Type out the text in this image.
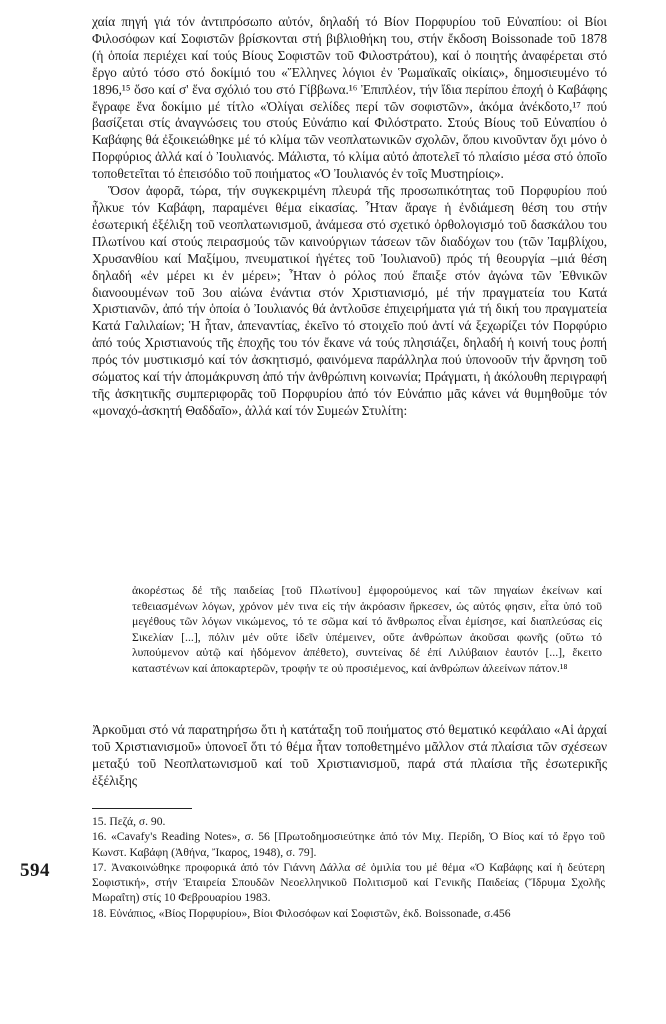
χαία πηγή γιά τόν ἀντιπρόσωπο αὐτόν, δηλαδή τό Βίον Πορφυρίου τοῦ Εὐναπίου: οἱ Βίοι Φιλοσόφων καί Σοφιστῶν βρίσκονται στή βιβλιοθήκη του, στήν ἔκδοση Boissonade τοῦ 1878 (ἡ ὁποία περιέχει καί τούς Βίους Σοφιστῶν τοῦ Φιλοστράτου), καί ὁ ποιητής ἀναφέρεται στό ἔργο αὐτό τόσο στό δοκίμιό του «Ἕλληνες λόγιοι ἐν Ῥωμαϊκαῖς οἰκίαις», δημοσιευμένο τό 1896,¹⁵ ὅσο καί σ' ἕνα σχόλιό του στό Γίββωνα.¹⁶ Ἐπιπλέον, τήν ἴδια περίπου ἐποχή ὁ Καβάφης ἔγραφε ἕνα δοκίμιο μέ τίτλο «Ὀλίγαι σελίδες περί τῶν σοφιστῶν», ἀκόμα ἀνέκδοτο,¹⁷ πού βασίζεται στίς ἀναγνώσεις του στούς Εὐνάπιο καί Φιλόστρατο. Στούς Βίους τοῦ Εὐναπίου ὁ Καβάφης θά ἐξοικειώθηκε μέ τό κλίμα τῶν νεοπλατωνικῶν σχολῶν, ὅπου κινοῦνταν ὄχι μόνο ὁ Πορφύριος ἀλλά καί ὁ Ἰουλιανός. Μάλιστα, τό κλίμα αὐτό ἀποτελεῖ τό πλαίσιο μέσα στό ὁποῖο τοποθετεῖται τό ἐπεισόδιο τοῦ ποιήματος «Ὁ Ἰουλιανός ἐν τοῖς Μυστηρίοις».

Ὅσον ἀφορᾶ, τώρα, τήν συγκεκριμένη πλευρά τῆς προσωπικότητας τοῦ Πορφυρίου πού ἦλκυε τόν Καβάφη, παραμένει θέμα εἰκασίας. Ἦταν ἄραγε ἡ ἐνδιάμεση θέση του στήν ἐσωτερική ἐξέλιξη τοῦ νεοπλατωνισμοῦ, ἀνάμεσα στό σχετικό ὀρθολογισμό τοῦ δασκάλου του Πλωτίνου καί στούς πειρασμούς τῶν καινούργιων τάσεων τῶν διαδόχων του (τῶν Ἰαμβλίχου, Χρυσανθίου καί Μαξίμου, πνευματικοί ἡγέτες τοῦ Ἰουλιανοῦ) πρός τή θεουργία –μιά θέση δηλαδή «ἐν μέρει κι ἐν μέρει»; Ἦταν ὁ ρόλος πού ἔπαιξε στόν ἀγώνα τῶν Ἐθνικῶν διανοουμένων τοῦ 3ου αἰώνα ἐνάντια στόν Χριστιανισμό, μέ τήν πραγματεία του Κατά Χριστιανῶν, ἀπό τήν ὁποία ὁ Ἰουλιανός θά ἀντλοῦσε ἐπιχειρήματα γιά τή δική του πραγματεία Κατά Γαλιλαίων; Ἡ ἦταν, ἀπεναντίας, ἐκεῖνο τό στοιχεῖο πού ἀντί νά ξεχωρίζει τόν Πορφύριο ἀπό τούς Χριστιανούς τῆς ἐποχῆς του τόν ἔκανε νά τούς πλησιάζει, δηλαδή ἡ κοινή τους ῥοπή πρός τόν μυστικισμό καί τόν ἀσκητισμό, φαινόμενα παράλληλα πού ὑπονοοῦν τήν ἄρνηση τοῦ σώματος καί τήν ἀπομάκρυνση ἀπό τήν ἀνθρώπινη κοινωνία; Πράγματι, ἡ ἀκόλουθη περιγραφή τῆς ἀσκητικῆς συμπεριφορᾶς τοῦ Πορφυρίου ἀπό τόν Εὐνάπιο μᾶς κάνει νά θυμηθοῦμε τόν «μοναχό-ἀσκητή Θαδδαῖο», ἀλλά καί τόν Συμεών Στυλίτη:

ἀκορέστως δέ τῆς παιδείας [τοῦ Πλωτίνου] ἐμφορούμενος καί τῶν πηγαίων ἐκείνων καί τεθειασμένων λόγων, χρόνον μέν τινα εἰς τήν ἀκρόασιν ἤρκεσεν, ὡς αὐτός φησιν, εἶτα ὑπό τοῦ μεγέθους τῶν λόγων νικώμενος, τό τε σῶμα καί τό ἄνθρωπος εἶναι ἐμίσησε, καί διαπλεύσας εἰς Σικελίαν [...], πόλιν μέν οὔτε ἰδεῖν ὑπέμεινεν, οὔτε ἀνθρώπων ἀκοῦσαι φωνῆς (οὕτω τό λυπούμενον αὐτῷ καί ἡδόμενον ἀπέθετο), συντείνας δέ ἐπί Λιλύβαιον ἑαυτόν [...], ἔκειτο καταστένων καί ἀποκαρτερῶν, τροφήν τε οὐ προσιέμενος, καί ἀνθρώπων ἀλεείνων πάτον.¹⁸

Ἀρκοῦμαι στό νά παρατηρήσω ὅτι ἡ κατάταξη τοῦ ποιήματος στό θεματικό κεφάλαιο «Αἱ ἀρχαί τοῦ Χριστιανισμοῦ» ὑπονοεῖ ὅτι τό θέμα ἦταν τοποθετημένο μᾶλλον στά πλαίσια τῶν σχέσεων μεταξύ τοῦ Νεοπλατωνισμοῦ καί τοῦ Χριστιανισμοῦ, παρά στά πλαίσια τῆς ἐσωτερικῆς ἐξέλιξης

15. Πεζά, σ. 90.
16. «Cavafy's Reading Notes», σ. 56 [Πρωτοδημοσιεύτηκε ἀπό τόν Μιχ. Περίδη, Ὁ Βίος καί τό ἔργο τοῦ Κωνστ. Καβάφη (Ἀθήνα, Ἴκαρος, 1948), σ. 79].
17. Ἀνακοινώθηκε προφορικά ἀπό τόν Γιάννη Δάλλα σέ ὁμιλία του μέ θέμα «Ὁ Καβάφης καί ἡ δεύτερη Σοφιστική», στήν Ἑταιρεία Σπουδῶν Νεοελληνικοῦ Πολιτισμοῦ καί Γενικῆς Παιδείας (Ἵδρυμα Σχολῆς Μωραΐτη) στίς 10 Φεβρουαρίου 1983.
18. Εὐνάπιος, «Βίος Πορφυρίου», Βίοι Φιλοσόφων καί Σοφιστῶν, ἐκδ. Boissonade, σ.456
594
